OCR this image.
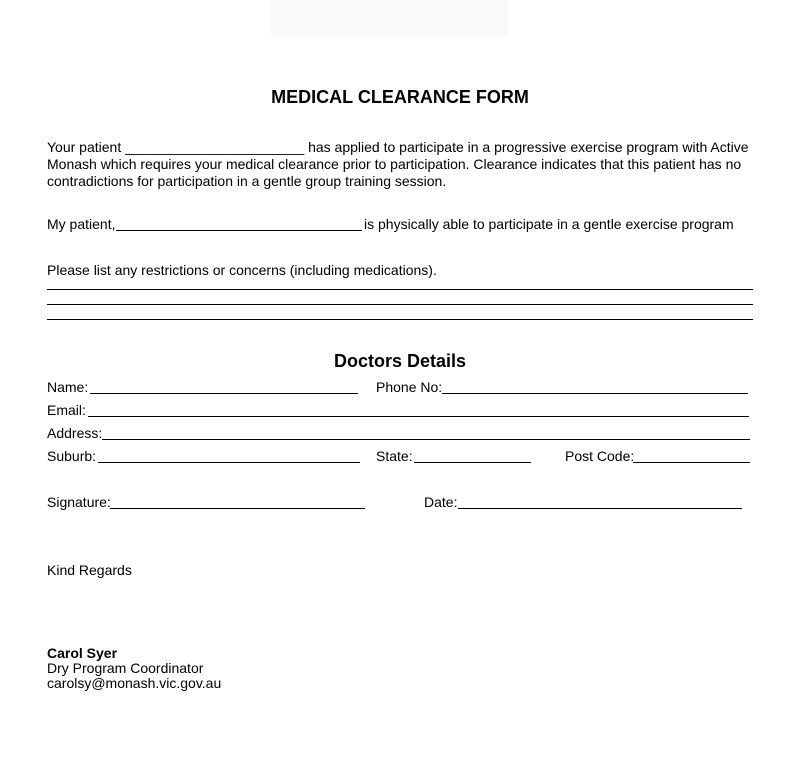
MEDICAL CLEARANCE FORM
Your patient _______________________ has applied to participate in a progressive exercise program with Active Monash which requires your medical clearance prior to participation. Clearance indicates that this patient has no contradictions for participation in a gentle group training session.
My patient,	is physically able to participate in a gentle exercise program
Please list any restrictions or concerns (including medications).
Doctors Details
Name:	Phone No:
Email:
Address:
Suburb:	State:	Post Code:
Signature:	Date:
Kind Regards
Carol Syer
Dry Program Coordinator
carolsy@monash.vic.gov.au
